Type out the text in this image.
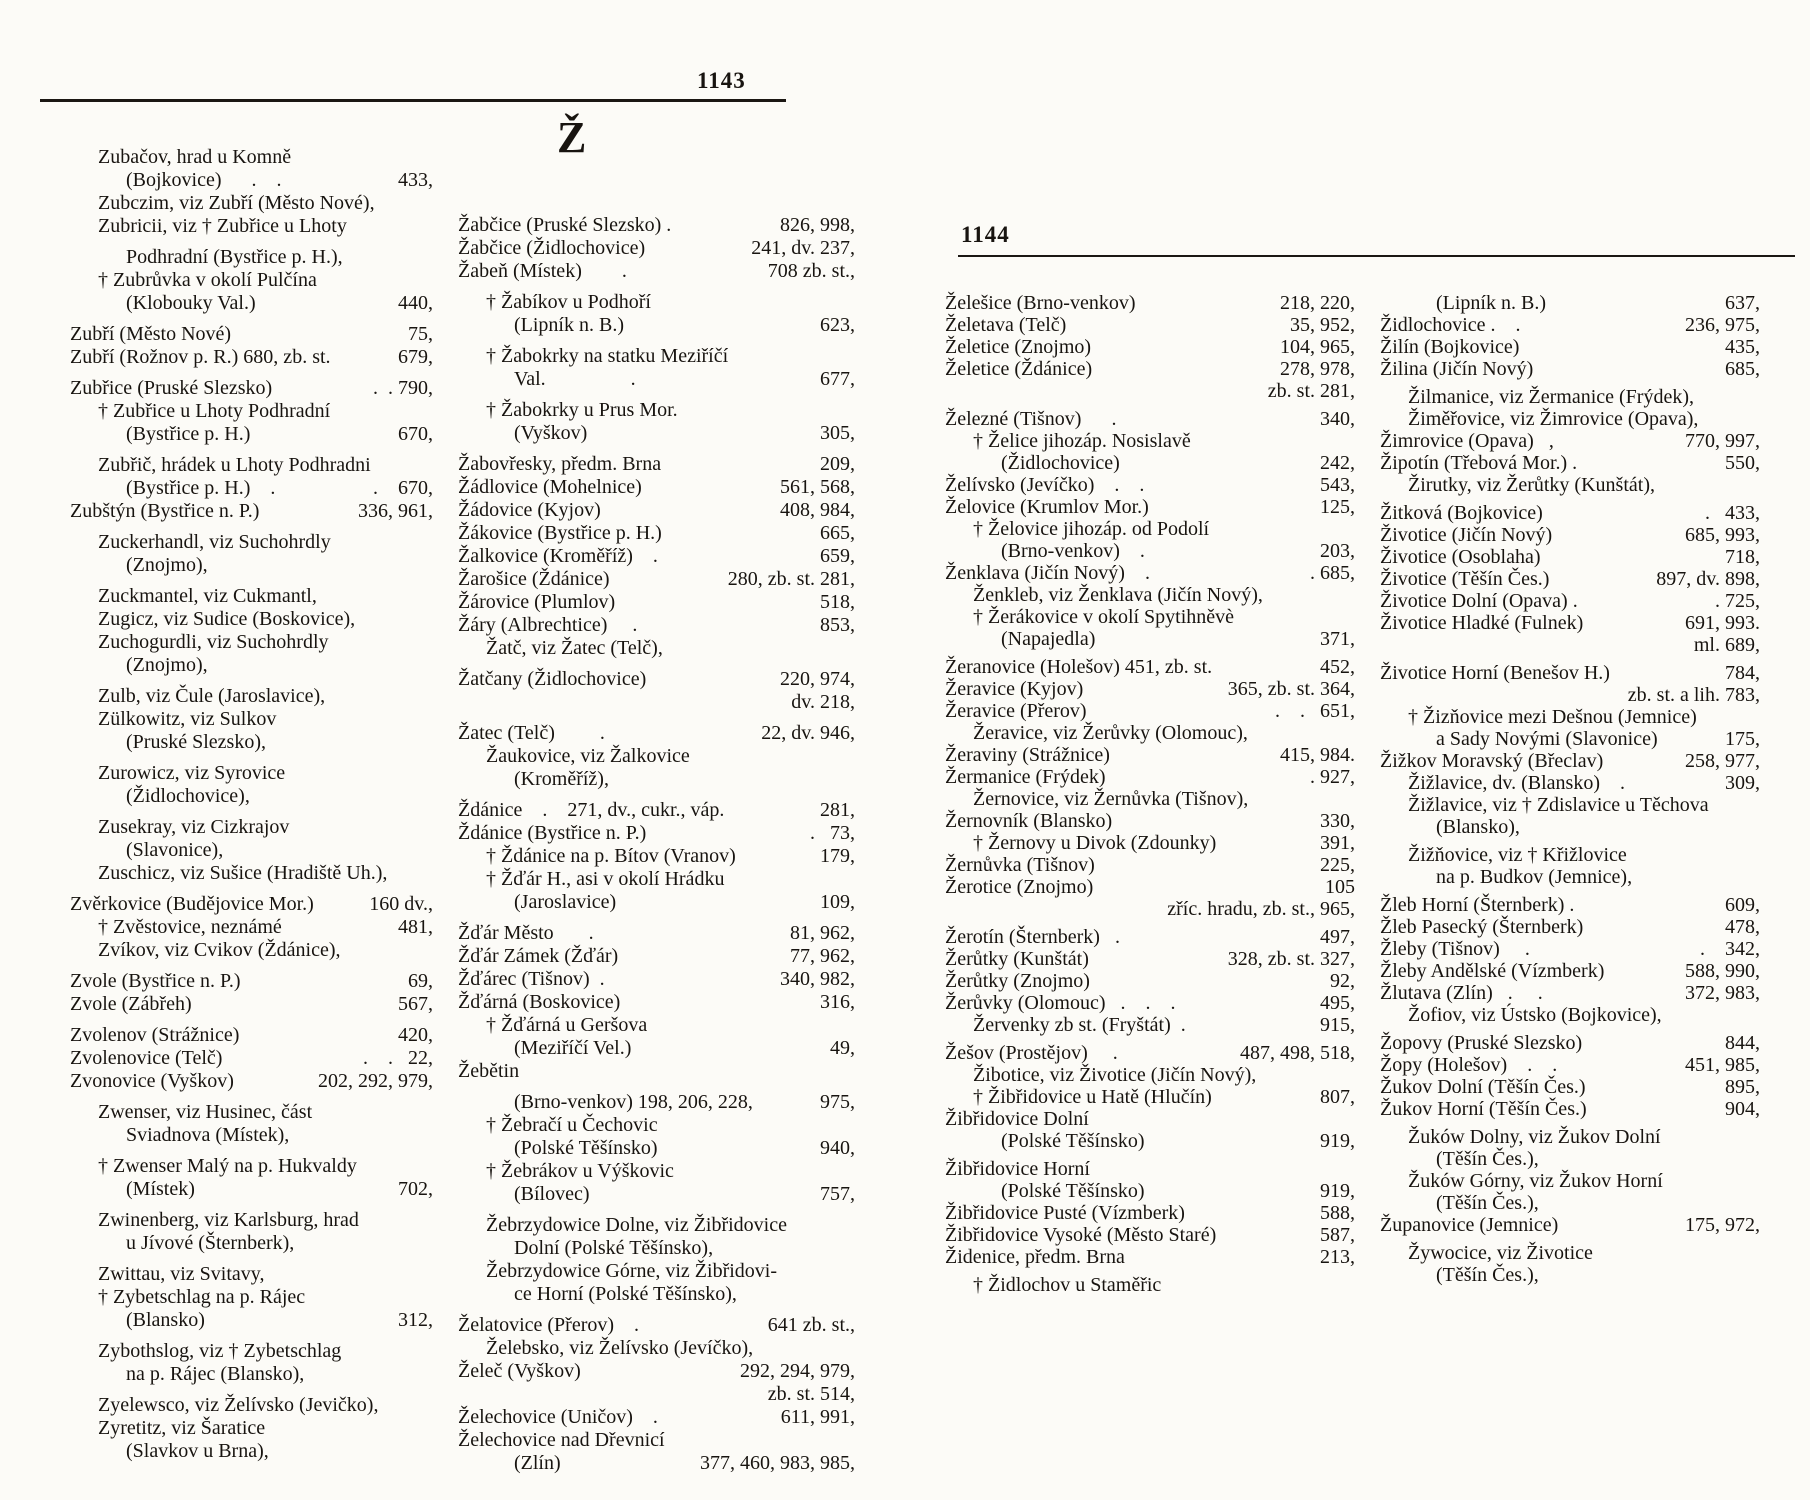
1143
Zubačov, hrad u Komně
(Bojkovice)      .    .	433,
Zubczim, viz Zubří (Město Nové),
Zubricii, viz † Zubřice u Lhoty
Podhradní (Bystřice p. H.),
† Zubrůvka v okolí Pulčína
(Klobouky Val.)	440,
Zubří (Město Nové)	75,
Zubří (Rožnov p. R.) 680, zb. st.	679,
Zubřice (Pruské Slezsko)	.  . 790,
† Zubřice u Lhoty Podhradní
(Bystřice p. H.)	670,
Zubřič, hrádek u Lhoty Podhradni
(Bystřice p. H.)    .	.    670,
Zubštýn (Bystřice n. P.)	336, 961,
Zuckerhandl, viz Suchohrdly
(Znojmo),
Zuckmantel, viz Cukmantl,
Zugicz, viz Sudice (Boskovice),
Zuchogurdli, viz Suchohrdly
(Znojmo),
Zulb, viz Čule (Jaroslavice),
Zülkowitz, viz Sulkov
(Pruské Slezsko),
Zurowicz, viz Syrovice
(Židlochovice),
Zusekray, viz Cizkrajov
(Slavonice),
Zuschicz, viz Sušice (Hradiště Uh.),
Zvěrkovice (Budějovice Mor.)	160 dv.,
† Zvěstovice, neznámé	481,
Zvíkov, viz Cvikov (Ždánice),
Zvole (Bystřice n. P.)	69,
Zvole (Zábřeh)	567,
Zvolenov (Strážnice)	420,
Zvolenovice (Telč)	.    .   22,
Zvonovice (Vyškov)	202, 292, 979,
Zwenser, viz Husinec, část
Sviadnova (Místek),
† Zwenser Malý na p. Hukvaldy
(Místek)	702,
Zwinenberg, viz Karlsburg, hrad
u Jívové (Šternberk),
Zwittau, viz Svitavy,
† Zybetschlag na p. Rájec
(Blansko)	312,
Zybothslog, viz † Zybetschlag
na p. Rájec (Blansko),
Zyelewsco, viz Želívsko (Jevičko),
Zyretitz, viz Šaratice
(Slavkov u Brna),
Ž
Žabčice (Pruské Slezsko) .	826, 998,
Žabčice (Židlochovice)	241, dv. 237,
Žabeň (Místek)        .	708 zb. st.,
† Žabíkov u Podhoří
(Lipník n. B.)	623,
† Žabokrky na statku Meziříčí
Val.                 .	677,
† Žabokrky u Prus Mor.
(Vyškov)	305,
Žabovřesky, předm. Brna	209,
Žádlovice (Mohelnice)	561, 568,
Žádovice (Kyjov)	408, 984,
Žákovice (Bystřice p. H.)	665,
Žalkovice (Kroměříž)    .	659,
Žarošice (Ždánice)	280, zb. st. 281,
Žárovice (Plumlov)	518,
Žáry (Albrechtice)     .	853,
Žatč, viz Žatec (Telč),
Žatčany (Židlochovice)	220, 974,
dv. 218,
Žatec (Telč)         .	22, dv. 946,
Žaukovice, viz Žalkovice
(Kroměříž),
Ždánice    .    271, dv., cukr., váp.	281,
Ždánice (Bystřice n. P.)	.   73,
† Ždánice na p. Bítov (Vranov)	179,
† Žďár H., asi v okolí Hrádku
(Jaroslavice)	109,
Žďár Město       .	81, 962,
Žďár Zámek (Žďár)	77, 962,
Žďárec (Tišnov)  .	340, 982,
Žďárná (Boskovice)	316,
† Žďárná u Geršova
(Meziříčí Vel.)	49,
Žebětin
(Brno-venkov) 198, 206, 228,	975,
† Žebračí u Čechovic
(Polské Těšínsko)	940,
† Žebrákov u Výškovic
(Bílovec)	757,
Žebrzydowice Dolne, viz Žibřidovice
Dolní (Polské Těšínsko),
Žebrzydowice Górne, viz Žibřidovi-
ce Horní (Polské Těšínsko),
Želatovice (Přerov)    .	641 zb. st.,
Želebsko, viz Želívsko (Jevíčko),
Želeč (Vyškov)	292, 294, 979,
zb. st. 514,
Želechovice (Uničov)    .	611, 991,
Želechovice nad Dřevnicí
(Zlín)	377, 460, 983, 985,
1144
Želešice (Brno-venkov)	218, 220,
Želetava (Telč)	35, 952,
Želetice (Znojmo)	104, 965,
Želetice (Ždánice)	278, 978,
zb. st. 281,
Železné (Tišnov)      .	340,
† Želice jihozáp. Nosislavě
(Židlochovice)	242,
Želívsko (Jevíčko)    .    .	543,
Želovice (Krumlov Mor.)	125,
† Želovice jihozáp. od Podolí
(Brno-venkov)    .	203,
Ženklava (Jičín Nový)    .	. 685,
Ženkleb, viz Ženklava (Jičín Nový),
† Žerákovice v okolí Spytihněvè
(Napajedla)	371,
Žeranovice (Holešov) 451, zb. st.	452,
Žeravice (Kyjov)	365, zb. st. 364,
Žeravice (Přerov)	.    .   651,
Žeravice, viz Žerůvky (Olomouc),
Žeraviny (Strážnice)	415, 984.
Žermanice (Frýdek)	. 927,
Žernovice, viz Žernůvka (Tišnov),
Žernovník (Blansko)	330,
† Žernovy u Divok (Zdounky)	391,
Žernůvka (Tišnov)	225,
Žerotice (Znojmo)	105
zříc. hradu, zb. st., 965,
Žerotín (Šternberk)   .	497,
Žerůtky (Kunštát)	328, zb. st. 327,
Žerůtky (Znojmo)	92,
Žerůvky (Olomouc)   .    .    .	495,
Žervenky zb st. (Fryštát)  .	915,
Žešov (Prostějov)     .	487, 498, 518,
Žibotice, viz Životice (Jičín Nový),
† Žibřidovice u Hatě (Hlučín)	807,
Žibřidovice Dolní
(Polské Těšínsko)	919,
Žibřidovice Horní
(Polské Těšínsko)	919,
Žibřidovice Pusté (Vízmberk)	588,
Žibřidovice Vysoké (Město Staré)	587,
Židenice, předm. Brna	213,
† Židlochov u Staměřic
(Lipník n. B.)	637,
Židlochovice .    .	236, 975,
Žilín (Bojkovice)	435,
Žilina (Jičín Nový)	685,
Žilmanice, viz Žermanice (Frýdek),
Žiměřovice, viz Žimrovice (Opava),
Žimrovice (Opava)   ,	770, 997,
Žipotín (Třebová Mor.) .	550,
Žirutky, viz Žerůtky (Kunštát),
Žitková (Bojkovice)	.   433,
Životice (Jičín Nový)	685, 993,
Životice (Osoblaha)	718,
Životice (Těšín Čes.)	897, dv. 898,
Životice Dolní (Opava) .	. 725,
Životice Hladké (Fulnek)	691, 993.
ml. 689,
Životice Horní (Benešov H.)	784,
zb. st. a lih. 783,
† Žizňovice mezi Dešnou (Jemnice)
a Sady Novými (Slavonice)	175,
Žižkov Moravský (Břeclav)	258, 977,
Žižlavice, dv. (Blansko)    .	309,
Žižlavice, viz † Zdislavice u Těchova
(Blansko),
Žižňovice, viz † Křižlovice
na p. Budkov (Jemnice),
Žleb Horní (Šternberk) .	609,
Žleb Pasecký (Šternberk)	478,
Žleby (Tišnov)     .	.    342,
Žleby Andělské (Vízmberk)	588, 990,
Žlutava (Zlín)   .     .	372, 983,
Žofiov, viz Ústsko (Bojkovice),
Žopovy (Pruské Slezsko)	844,
Žopy (Holešov)    .    .	451, 985,
Žukov Dolní (Těšín Čes.)	895,
Žukov Horní (Těšín Čes.)	904,
Žuków Dolny, viz Žukov Dolní
(Těšín Čes.),
Žuków Górny, viz Žukov Horní
(Těšín Čes.),
Županovice (Jemnice)	175, 972,
Žywocice, viz Životice
(Těšín Čes.),
